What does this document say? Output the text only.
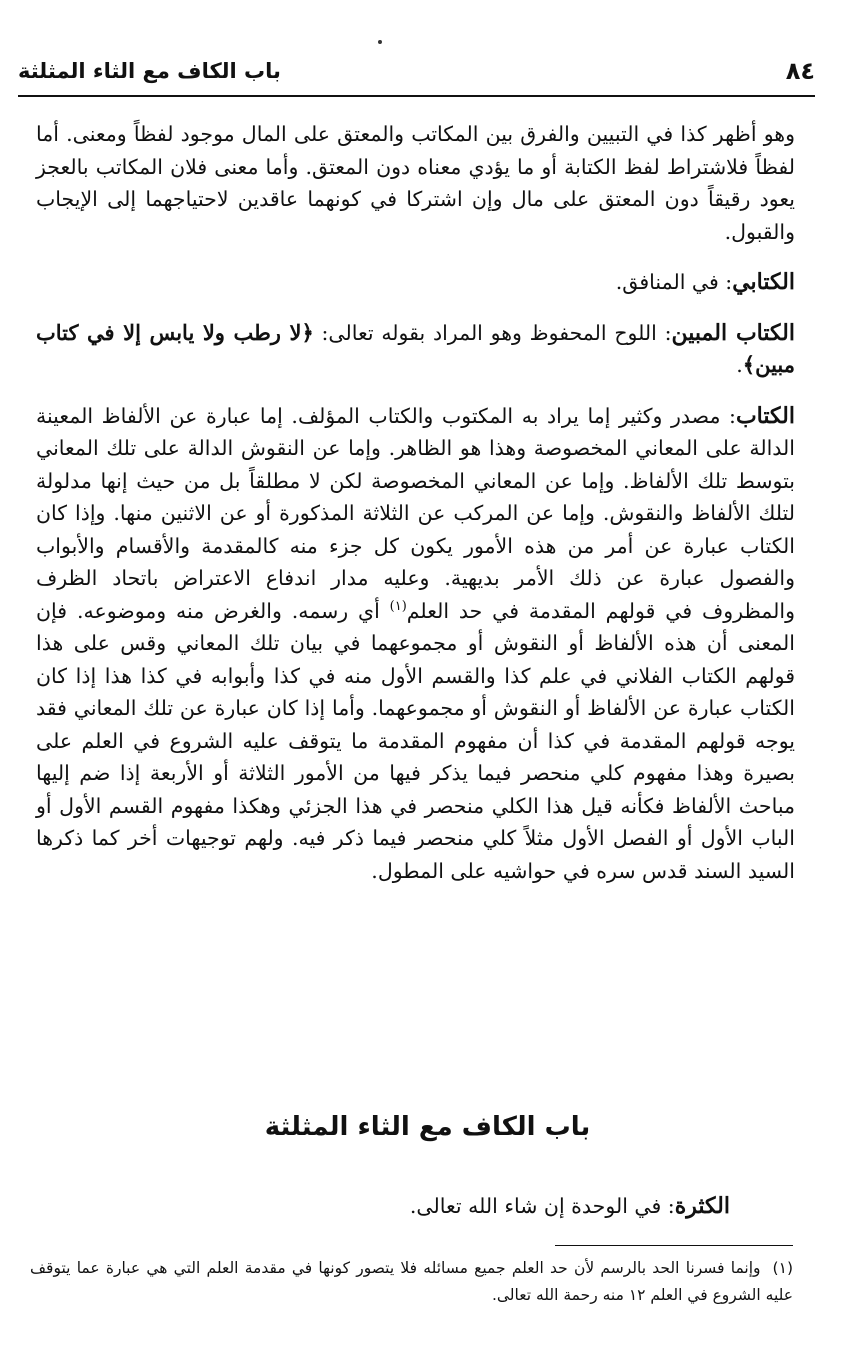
٨٤
باب الكاف مع الثاء المثلثة

وهو أظهر كذا في التبيين والفرق بين المكاتب والمعتق على المال موجود لفظاً ومعنى. أما لفظاً فلاشتراط لفظ الكتابة أو ما يؤدي معناه دون المعتق. وأما معنى فلان المكاتب بالعجز يعود رقيقاً دون المعتق على مال وإن اشتركا في كونهما عاقدين لاحتياجهما إلى الإيجاب والقبول.

الكتابي: في المنافق.

الكتاب المبين: اللوح المحفوظ وهو المراد بقوله تعالى: ﴿لا رطب ولا يابس إلا في كتاب مبين﴾.

الكتاب: مصدر وكثير إما يراد به المكتوب والكتاب المؤلف. إما عبارة عن الألفاظ المعينة الدالة على المعاني المخصوصة وهذا هو الظاهر. وإما عن النقوش الدالة على تلك المعاني بتوسط تلك الألفاظ. وإما عن المعاني المخصوصة لكن لا مطلقاً بل من حيث إنها مدلولة لتلك الألفاظ والنقوش. وإما عن المركب عن الثلاثة المذكورة أو عن الاثنين منها. وإذا كان الكتاب عبارة عن أمر من هذه الأمور يكون كل جزء منه كالمقدمة والأقسام والأبواب والفصول عبارة عن ذلك الأمر بديهية. وعليه مدار اندفاع الاعتراض باتحاد الظرف والمظروف في قولهم المقدمة في حد العلم$^{(١)}$ أي رسمه. والغرض منه وموضوعه. فإن المعنى أن هذه الألفاظ أو النقوش أو مجموعهما في بيان تلك المعاني وقس على هذا قولهم الكتاب الفلاني في علم كذا والقسم الأول منه في كذا وأبوابه في كذا هذا إذا كان الكتاب عبارة عن الألفاظ أو النقوش أو مجموعهما. وأما إذا كان عبارة عن تلك المعاني فقد يوجه قولهم المقدمة في كذا أن مفهوم المقدمة ما يتوقف عليه الشروع في العلم على بصيرة وهذا مفهوم كلي منحصر فيما يذكر فيها من الأمور الثلاثة أو الأربعة إذا ضم إليها مباحث الألفاظ فكأنه قيل هذا الكلي منحصر في هذا الجزئي وهكذا مفهوم القسم الأول أو الباب الأول أو الفصل الأول مثلاً كلي منحصر فيما ذكر فيه. ولهم توجيهات أخر كما ذكرها السيد السند قدس سره في حواشيه على المطول.

باب الكاف مع الثاء المثلثة
الكثرة: في الوحدة إن شاء الله تعالى.
(١)وإنما فسرنا الحد بالرسم لأن حد العلم جميع مسائله فلا يتصور كونها في مقدمة العلم التي هي عبارة عما يتوقف عليه الشروع في العلم ١٢ منه رحمة الله تعالى.
